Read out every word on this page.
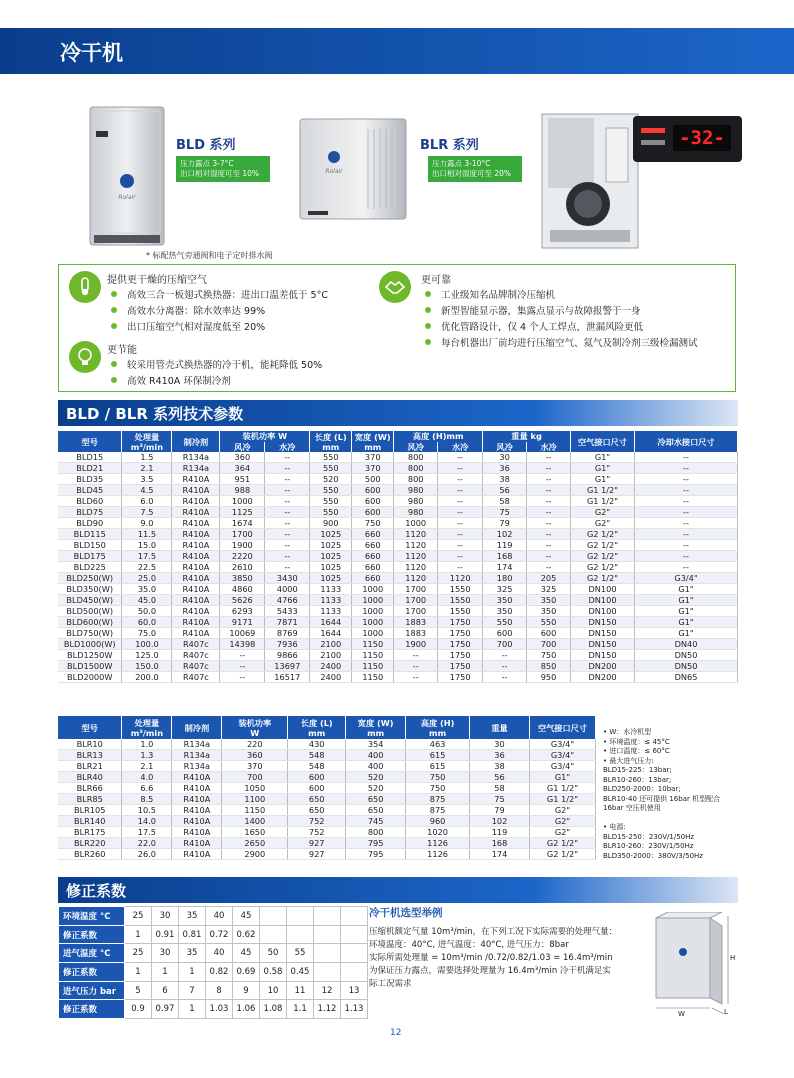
冷干机
Rolair
BLD 系列
压力露点 3-7°C
出口相对湿度可至 10%	Rolair
BLR 系列
压力露点 3-10°C
出口相对湿度可至 20%
-32-
* 标配热气旁通阀和电子定时排水阀
提供更干燥的压缩空气
高效三合一板翅式换热器：进出口温差低于 5°C
高效水分离器：除水效率达 99%
出口压缩空气相对湿度低至 20%
更节能
较采用管壳式换热器的冷干机，能耗降低 50%
高效 R410A 环保制冷剂
更可靠
工业级知名品牌制冷压缩机
新型智能显示器，集露点显示与故障报警于一身
优化管路设计，仅 4 个人工焊点，泄漏风险更低
每台机器出厂前均进行压缩空气、氦气及制冷剂三级检漏测试
BLD / BLR 系列技术参数
型号	处理量
m³/min	制冷剂	装机功率 W		长度 (L)
mm	宽度 (W)
mm	高度 (H)mm		重量 kg		空气接口尺寸	冷却水接口尺寸
			风冷	水冷			风冷	水冷	风冷	水冷		
BLD15	1.5	R134a	360	--	550	370	800	--	30	--	G1"	--
BLD21	2.1	R134a	364	--	550	370	800	--	36	--	G1"	--
BLD35	3.5	R410A	951	--	520	500	800	--	38	--	G1"	--
BLD45	4.5	R410A	988	--	550	600	980	--	56	--	G1 1/2"	--
BLD60	6.0	R410A	1000	--	550	600	980	--	58	--	G1 1/2"	--
BLD75	7.5	R410A	1125	--	550	600	980	--	75	--	G2"	--
BLD90	9.0	R410A	1674	--	900	750	1000	--	79	--	G2"	--
BLD115	11.5	R410A	1700	--	1025	660	1120	--	102	--	G2 1/2"	--
BLD150	15.0	R410A	1900	--	1025	660	1120	--	119	--	G2 1/2"	--
BLD175	17.5	R410A	2220	--	1025	660	1120	--	168	--	G2 1/2"	--
BLD225	22.5	R410A	2610	--	1025	660	1120	--	174	--	G2 1/2"	--
BLD250(W)	25.0	R410A	3850	3430	1025	660	1120	1120	180	205	G2 1/2"	G3/4"
BLD350(W)	35.0	R410A	4860	4000	1133	1000	1700	1550	325	325	DN100	G1"
BLD450(W)	45.0	R410A	5626	4766	1133	1000	1700	1550	350	350	DN100	G1"
BLD500(W)	50.0	R410A	6293	5433	1133	1000	1700	1550	350	350	DN100	G1"
BLD600(W)	60.0	R410A	9171	7871	1644	1000	1883	1750	550	550	DN150	G1"
BLD750(W)	75.0	R410A	10069	8769	1644	1000	1883	1750	600	600	DN150	G1"
BLD1000(W)	100.0	R407c	14398	7936	2100	1150	1900	1750	700	700	DN150	DN40
BLD1250W	125.0	R407c	--	9866	2100	1150	--	1750	--	750	DN150	DN50
BLD1500W	150.0	R407c	--	13697	2400	1150	--	1750	--	850	DN200	DN50
BLD2000W	200.0	R407c	--	16517	2400	1150	--	1750	--	950	DN200	DN65
型号	处理量
m³/min	制冷剂	装机功率
W	长度 (L)
mm	宽度 (W)
mm	高度 (H)
mm	重量	空气接口尺寸
BLR10	1.0	R134a	220	430	354	463	30	G3/4"
BLR13	1.3	R134a	360	548	400	615	36	G3/4"
BLR21	2.1	R134a	370	548	400	615	38	G3/4"
BLR40	4.0	R410A	700	600	520	750	56	G1"
BLR66	6.6	R410A	1050	600	520	750	58	G1 1/2"
BLR85	8.5	R410A	1100	650	650	875	75	G1 1/2"
BLR105	10.5	R410A	1150	650	650	875	79	G2"
BLR140	14.0	R410A	1400	752	745	960	102	G2"
BLR175	17.5	R410A	1650	752	800	1020	119	G2"
BLR220	22.0	R410A	2650	927	795	1126	168	G2 1/2"
BLR260	26.0	R410A	2900	927	795	1126	174	G2 1/2"
• W：水冷机型
• 环境温度：≤ 45°C
• 进口温度：≤ 60°C
• 最大进气压力:
BLD15-225：13bar;
BLR10-260：13bar;
BLD250-2000：10bar;
BLR10-40 还可提供 16bar 机型配合
16bar 空压机使用
• 电源:
BLD15-250：230V/1/50Hz
BLR10-260：230V/1/50Hz
BLD350-2000：380V/3/50Hz
修正系数
环境温度 °C	25	30	35	40	45				
修正系数	1	0.91	0.81	0.72	0.62				
进气温度 °C	25	30	35	40	45	50	55		
修正系数	1	1	1	0.82	0.69	0.58	0.45		
进气压力 bar	5	6	7	8	9	10	11	12	13
修正系数	0.9	0.97	1	1.03	1.06	1.08	1.1	1.12	1.13
冷干机选型举例
压缩机额定气量 10m³/min，在下列工况下实际需要的处理气量：
环境温度：40°C, 进气温度：40°C, 进气压力：8bar
实际所需处理量 = 10m³/min /0.72/0.82/1.03 = 16.4m³/min
为保证压力露点，需要选择处理量为 16.4m³/min 冷干机满足实
际工况需求
H
W	L
12
